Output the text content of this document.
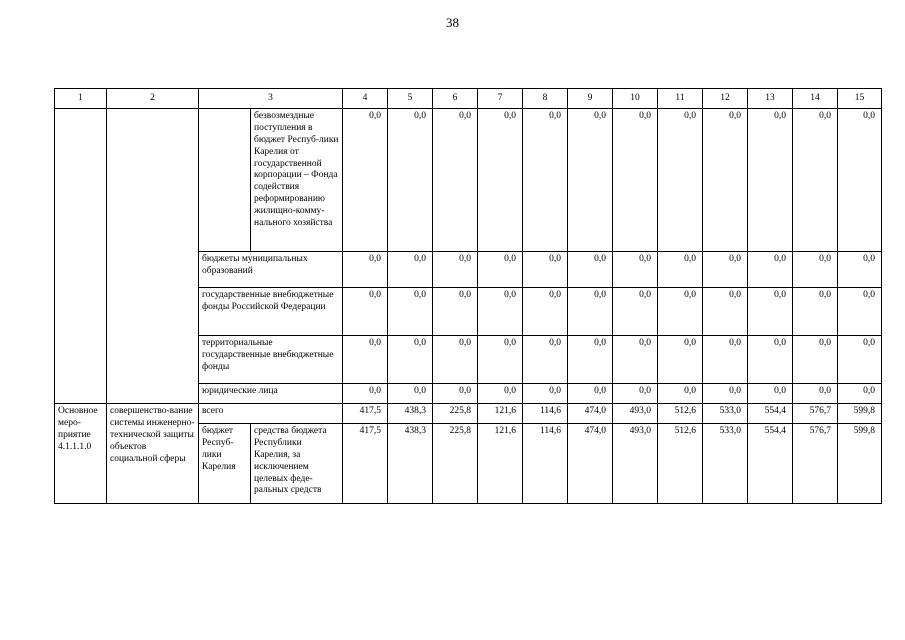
38
1	2	3		4	5	6	7	8	9	10	11	12	13	14	15
			безвозмездные поступления в бюджет Респуб-лики Карелия от государственной корпорации – Фонда содействия реформированию жилищно-комму-нального хозяйства	0,0	0,0	0,0	0,0	0,0	0,0	0,0	0,0	0,0	0,0	0,0	0,0
		бюджеты муниципальных образований		0,0	0,0	0,0	0,0	0,0	0,0	0,0	0,0	0,0	0,0	0,0	0,0
		государственные внебюджетные фонды Российской Федерации		0,0	0,0	0,0	0,0	0,0	0,0	0,0	0,0	0,0	0,0	0,0	0,0
		территориальные государственные внебюджетные фонды		0,0	0,0	0,0	0,0	0,0	0,0	0,0	0,0	0,0	0,0	0,0	0,0
		юридические лица		0,0	0,0	0,0	0,0	0,0	0,0	0,0	0,0	0,0	0,0	0,0	0,0
Основное меро-приятие 4.1.1.1.0	совершенство-вание системы инженерно-технической защиты объектов социальной сферы	всего		417,5	438,3	225,8	121,6	114,6	474,0	493,0	512,6	533,0	554,4	576,7	599,8
		бюджет Респуб-лики Карелия	средства бюджета Республики Карелия, за исключением целевых феде-ральных средств	417,5	438,3	225,8	121,6	114,6	474,0	493,0	512,6	533,0	554,4	576,7	599,8
